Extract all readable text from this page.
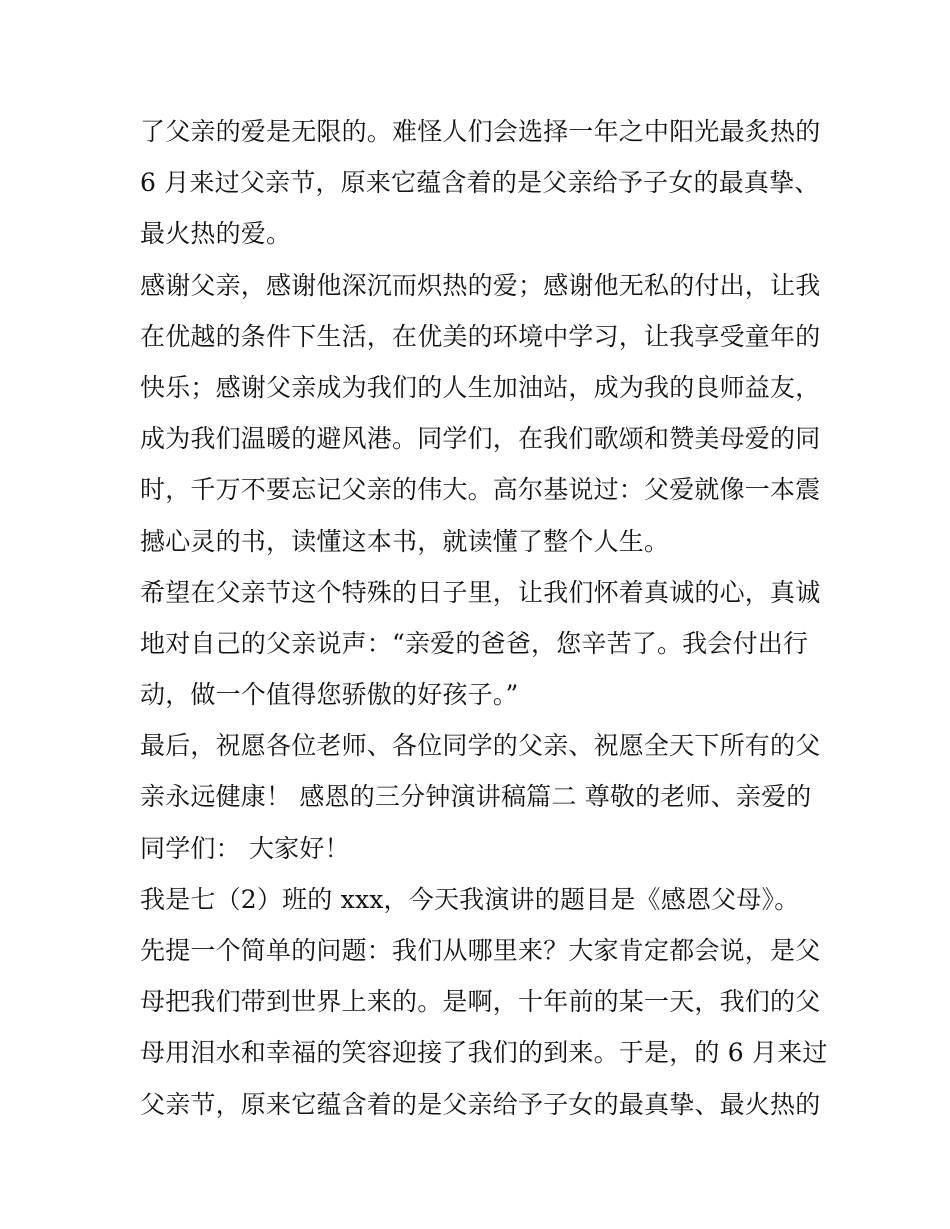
了父亲的爱是无限的。难怪人们会选择一年之中阳光最炙热的
6 月来过父亲节，原来它蕴含着的是父亲给予子女的最真挚、
最火热的爱。
感谢父亲，感谢他深沉而炽热的爱；感谢他无私的付出，让我
在优越的条件下生活，在优美的环境中学习，让我享受童年的
快乐；感谢父亲成为我们的人生加油站，成为我的良师益友，
成为我们温暖的避风港。同学们，在我们歌颂和赞美母爱的同
时，千万不要忘记父亲的伟大。高尔基说过：父爱就像一本震
撼心灵的书，读懂这本书，就读懂了整个人生。
希望在父亲节这个特殊的日子里，让我们怀着真诚的心，真诚
地对自己的父亲说声：“亲爱的爸爸，您辛苦了。我会付出行
动，做一个值得您骄傲的好孩子。”
最后，祝愿各位老师、各位同学的父亲、祝愿全天下所有的父
亲永远健康！ 感恩的三分钟演讲稿篇二 尊敬的老师、亲爱的
同学们： 大家好！
我是七（2）班的 xxx，今天我演讲的题目是《感恩父母》。
先提一个简单的问题：我们从哪里来？大家肯定都会说，是父
母把我们带到世界上来的。是啊，十年前的某一天，我们的父
母用泪水和幸福的笑容迎接了我们的到来。于是，的 6 月来过
父亲节，原来它蕴含着的是父亲给予子女的最真挚、最火热的
